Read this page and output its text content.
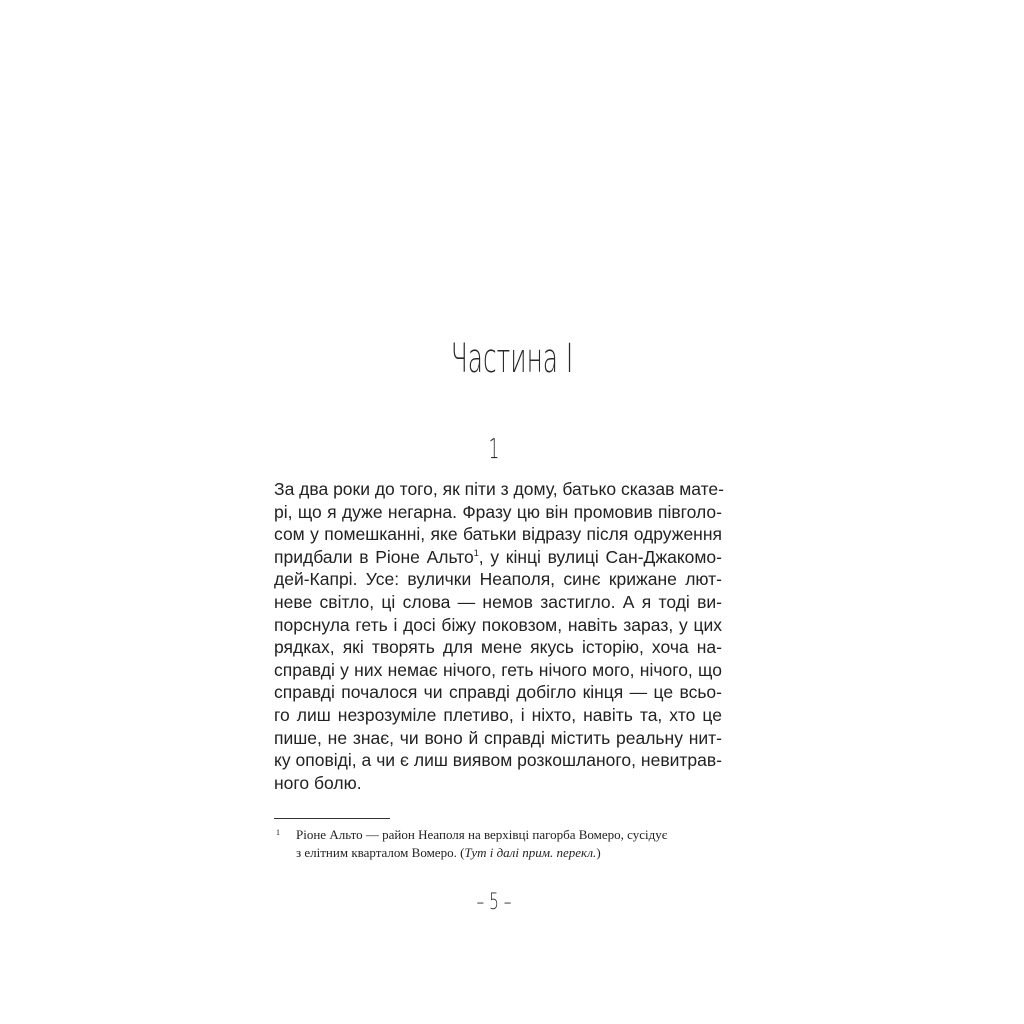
Частина I
1
За два роки до того, як піти з дому, батько сказав мате-
рі, що я дуже негарна. Фразу цю він промовив півголо-
сом у помешканні, яке батьки відразу після одруження
придбали в Ріоне Альто$^1$, у кінці вулиці Сан-Джакомо-
дей-Капрі. Усе: вулички Неаполя, синє крижане лют-
неве світло, ці слова — немов застигло. А я тоді ви-
порснула геть і досі біжу поковзом, навіть зараз, у цих
рядках, які творять для мене якусь історію, хоча на-
справді у них немає нічого, геть нічого мого, нічого, що
справді почалося чи справді добігло кінця — це всьо-
го лиш незрозуміле плетиво, і ніхто, навіть та, хто це
пише, не знає, чи воно й справді містить реальну нит-
ку оповіді, а чи є лиш виявом розкошланого, невитрав-
ного болю.
1	Ріоне Альто — район Неаполя на верхівці пагорба Вомеро, сусідує
з елітним кварталом Вомеро. (Тут і далі прим. перекл.)
– 5 –
